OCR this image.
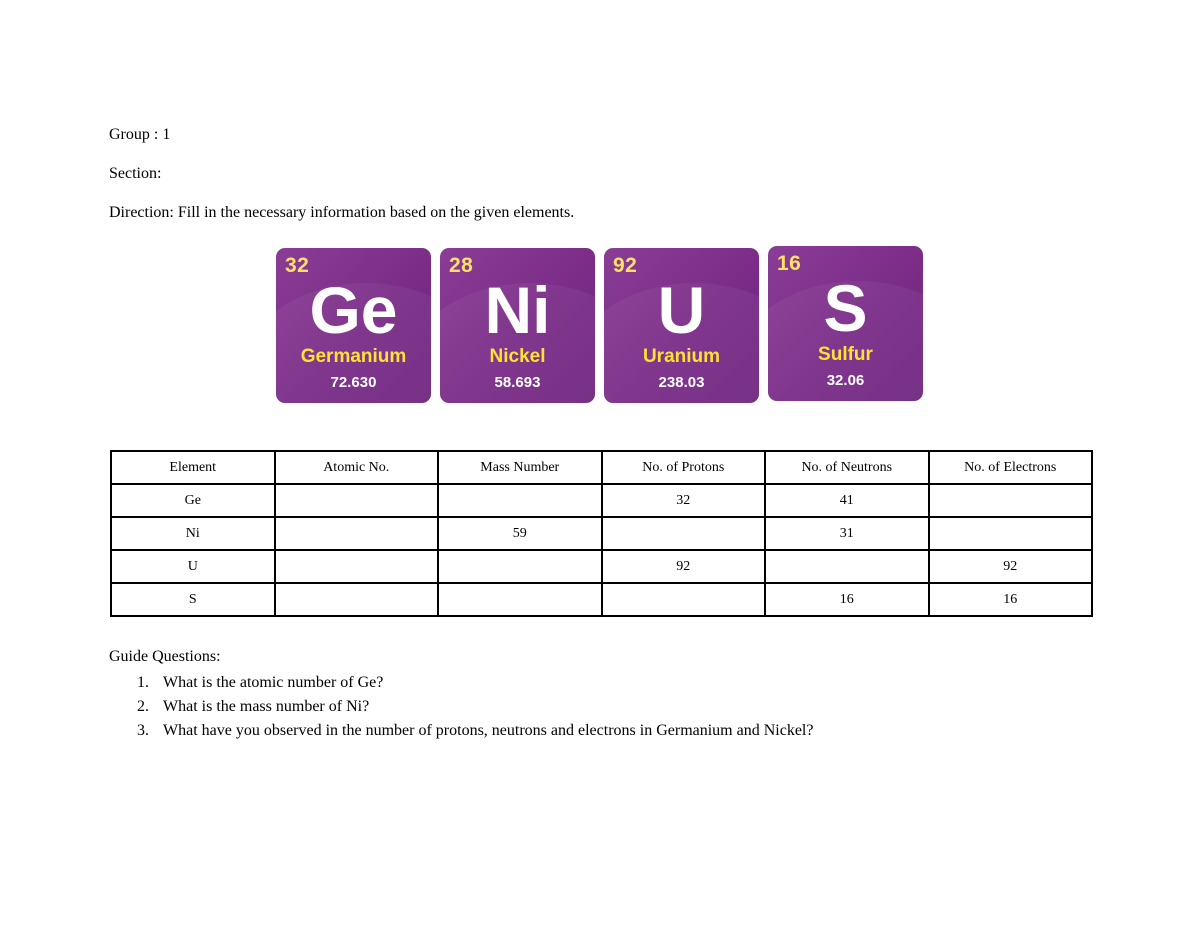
Group : 1
Section:
Direction: Fill in the necessary information based on the given elements.
32
Ge
Germanium
72.630
28
Ni
Nickel
58.693
92
U
Uranium
238.03
16
S
Sulfur
32.06
Element	Atomic No.	Mass Number	No. of Protons	No. of Neutrons	No. of Electrons
Ge			32	41	
Ni		59		31	
U			92		92
S				16	16
Guide Questions:
1. What is the atomic number of Ge?
2. What is the mass number of Ni?
3. What have you observed in the number of protons, neutrons and electrons in Germanium and Nickel?
